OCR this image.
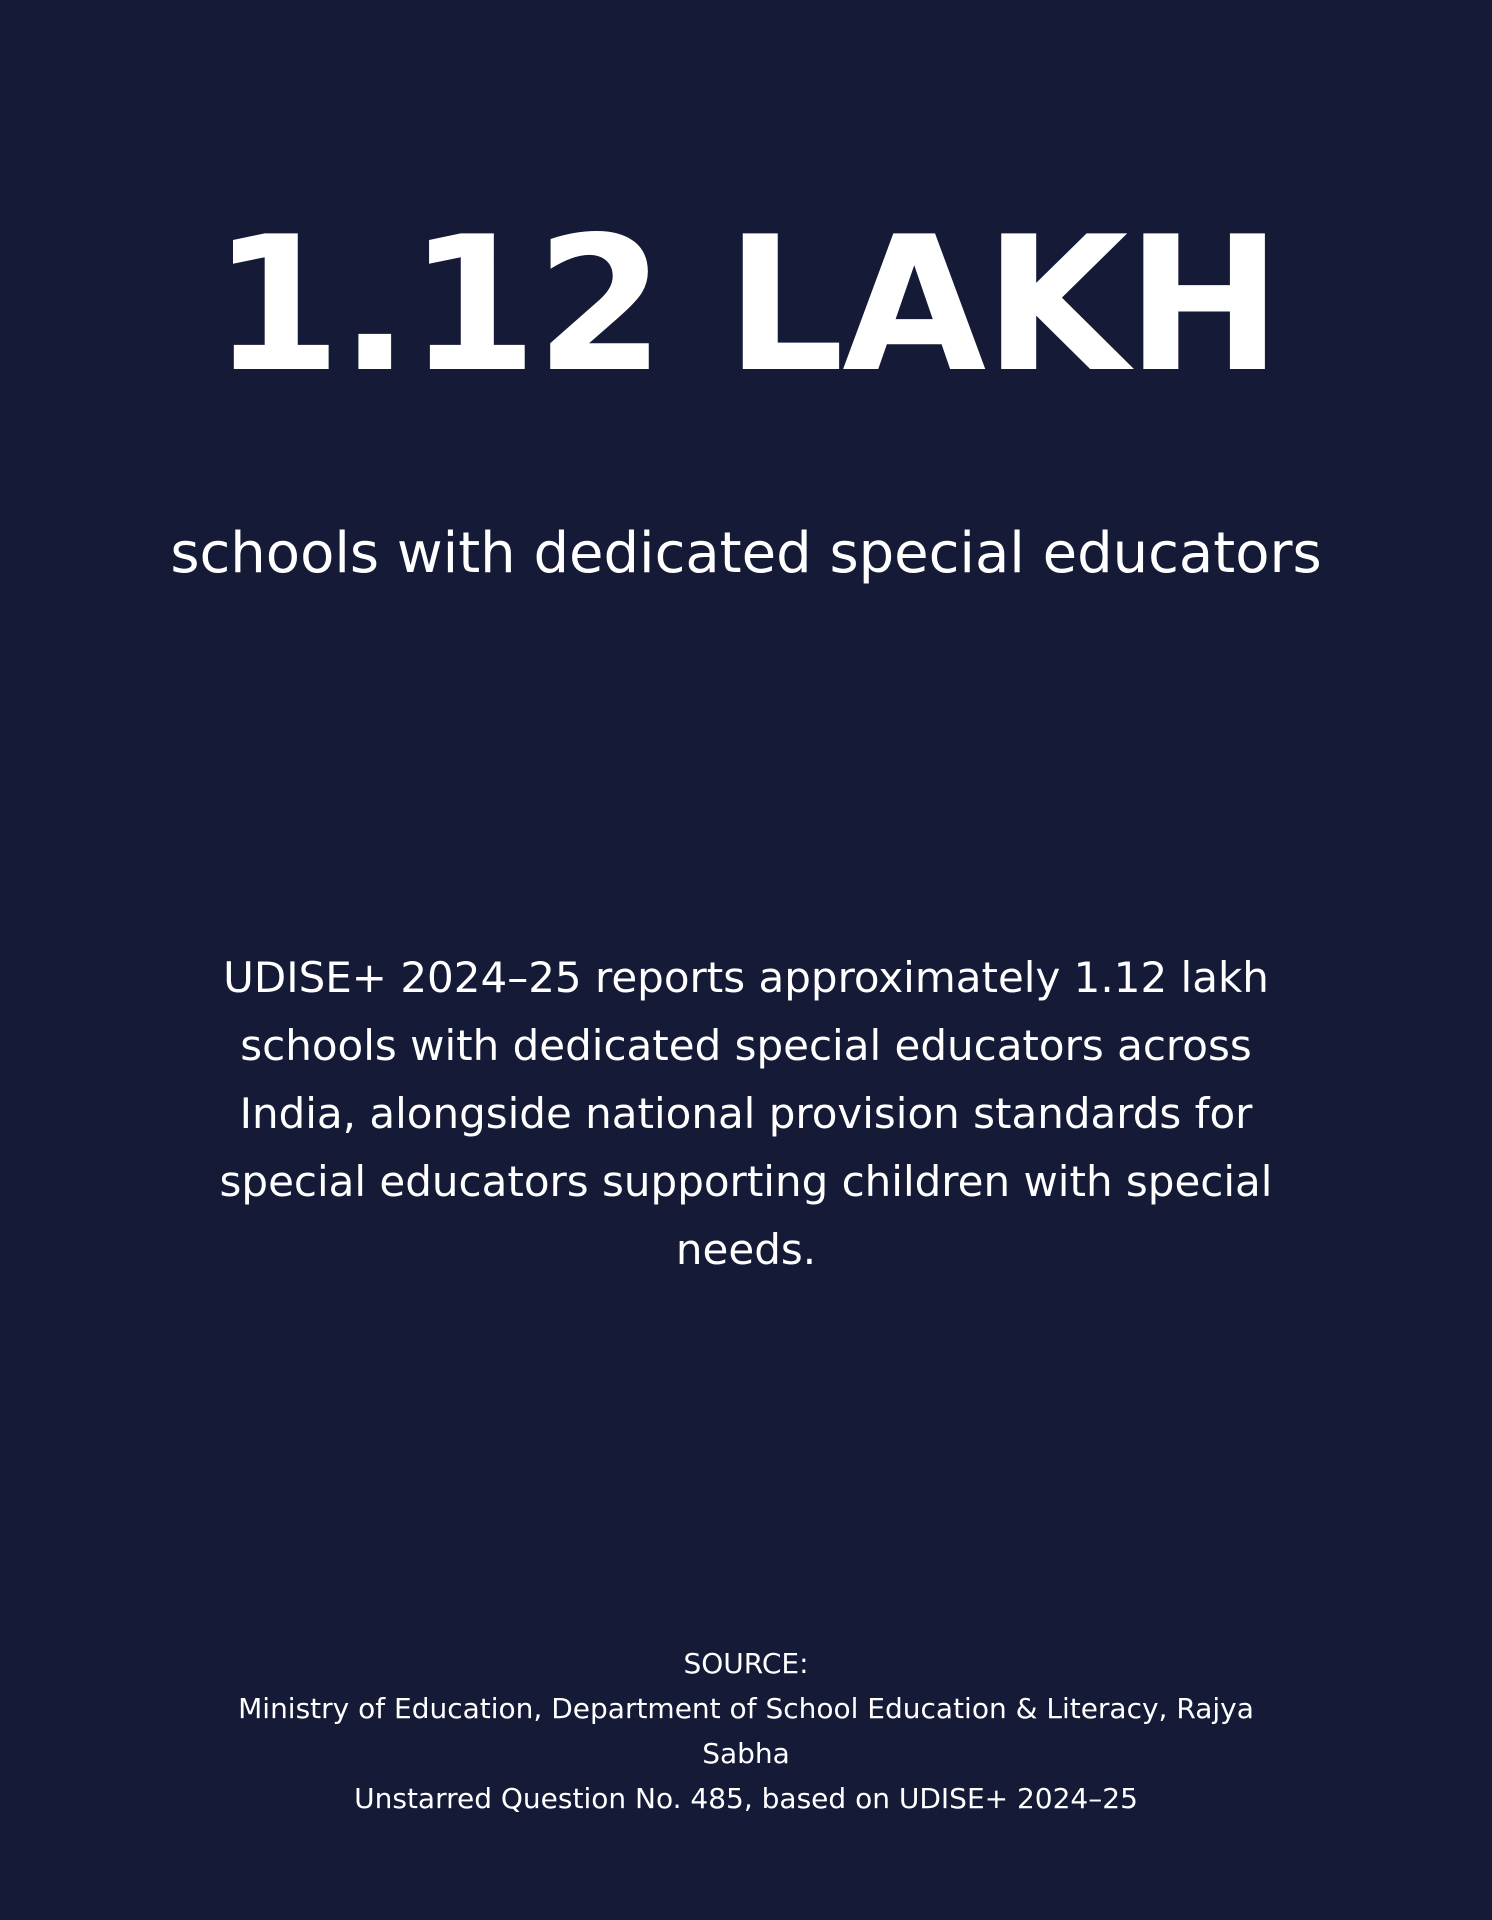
1.12 LAKH
schools with dedicated special educators
UDISE+ 2024–25 reports approximately 1.12 lakh schools with dedicated special educators across India, alongside national provision standards for special educators supporting children with special needs.
SOURCE:
Ministry of Education, Department of School Education & Literacy, Rajya Sabha
Unstarred Question No. 485, based on UDISE+ 2024–25
